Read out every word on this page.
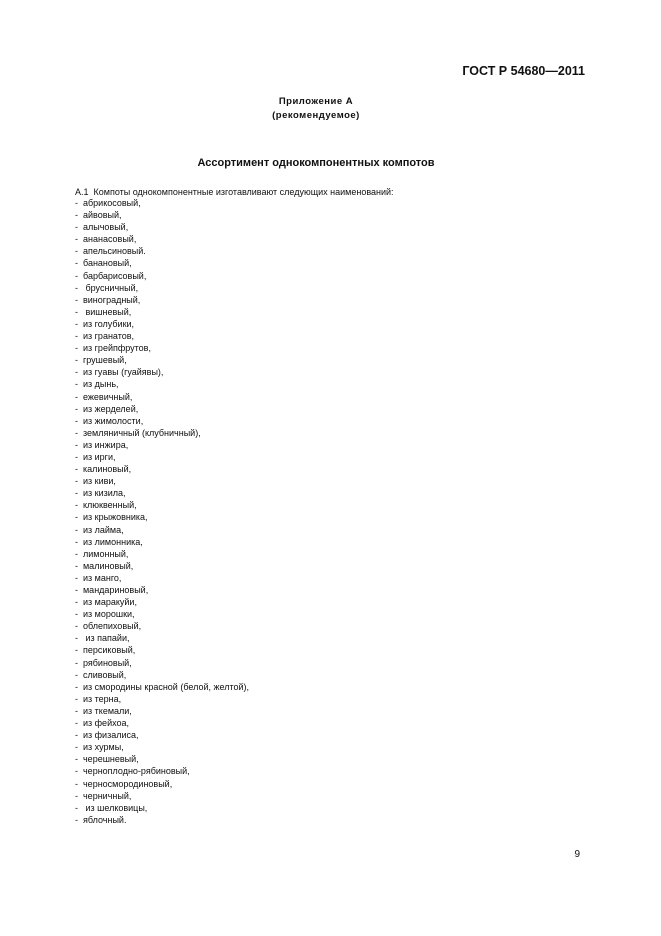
ГОСТ Р 54680—2011
Приложение А
(рекомендуемое)
Ассортимент однокомпонентных компотов
А.1  Компоты однокомпонентные изготавливают следующих наименований:
-  абрикосовый,
-  айвовый,
-  алычовый,
-  ананасовый,
-  апельсиновый.
-  банановый,
-  барбарисовый,
-   брусничный,
-  виноградный,
-   вишневый,
-  из голубики,
-  из гранатов,
-  из грейпфрутов,
-  грушевый,
-  из гуавы (гуайявы),
-  из дынь,
-  ежевичный,
-  из жерделей,
-  из жимолости,
-  земляничный (клубничный),
-  из инжира,
-  из ирги,
-  калиновый,
-  из киви,
-  из кизила,
-  клюквенный,
-  из крыжовника,
-  из лайма,
-  из лимонника,
-  лимонный,
-  малиновый,
-  из манго,
-  мандариновый,
-  из маракуйи,
-  из морошки,
-  облепиховый,
-   из папайи,
-  персиковый,
-  рябиновый,
-  сливовый,
-  из смородины красной (белой, желтой),
-  из терна,
-  из ткемали,
-  из фейхоа,
-  из физалиса,
-  из хурмы,
-  черешневый,
-  черноплодно-рябиновый,
-  черносмородиновый,
-  черничный,
-   из шелковицы,
-  яблочный.
9
